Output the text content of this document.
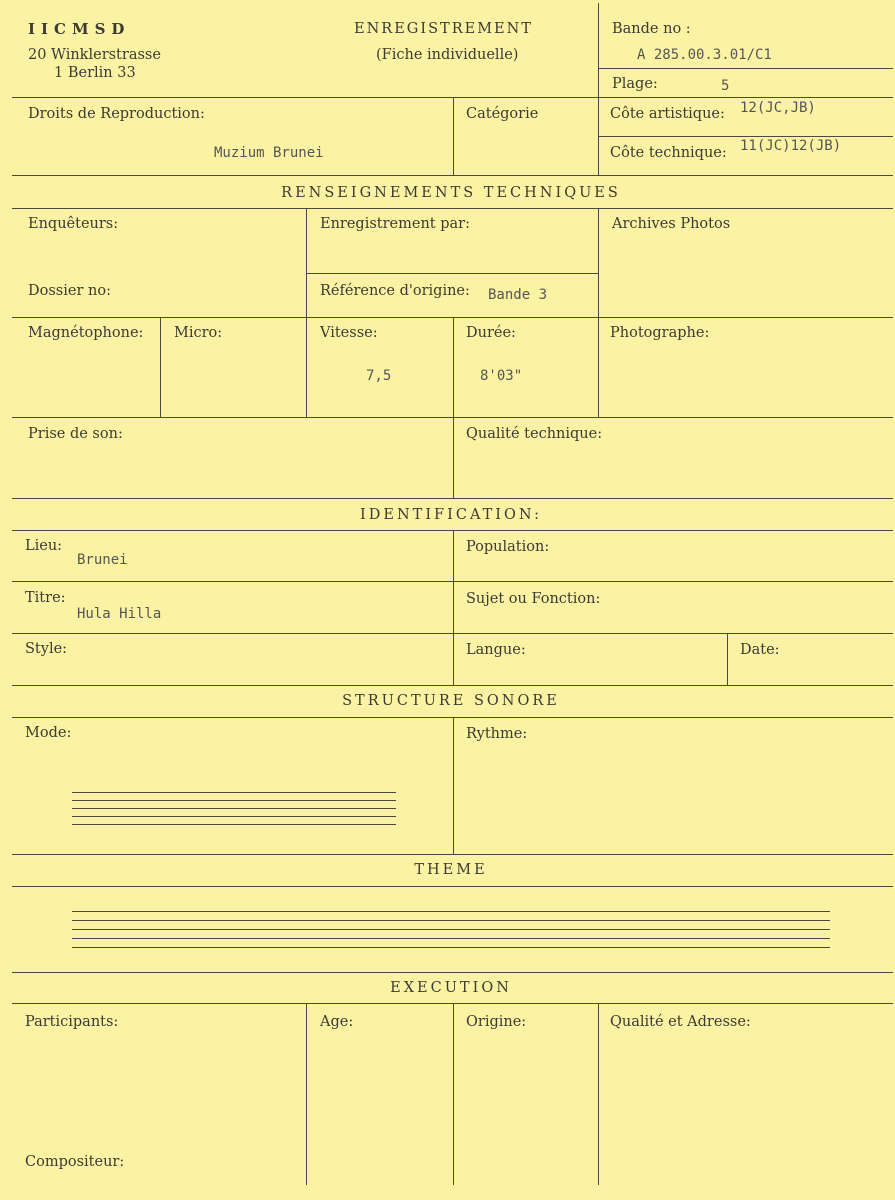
IICMSD
20 Winklerstrasse
1 Berlin 33
ENREGISTREMENT
(Fiche individuelle)
Bande no :
A 285.00.3.01/C1
Plage:	5
Droits de Reproduction:
Muzium Brunei
Catégorie	Côte artistique: 12(JC,JB)
Côte technique: 11(JC)12(JB)
RENSEIGNEMENTS TECHNIQUES
Enquêteurs:	Enregistrement par:	Archives Photos
Dossier no:	Référence d'origine: Bande 3
Magnétophone: Micro:	Vitesse:
7,5
Durée:
8'03"
Photographe:
Prise de son:	Qualité technique:
IDENTIFICATION:
Lieu:
Brunei
Population:
Titre:
Hula Hilla
Sujet ou Fonction:
Style:	Langue:	Date:
STRUCTURE SONORE
Mode:	Rythme:
THEME
EXECUTION
Participants:	Age:	Origine:	Qualité et Adresse:
Compositeur:
